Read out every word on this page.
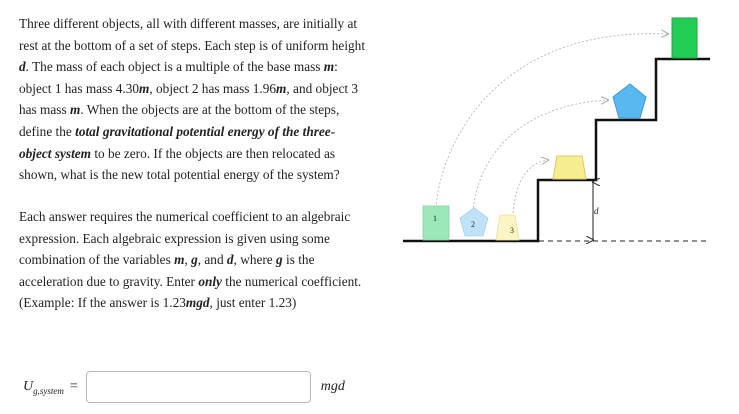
Three different objects, all with different masses, are initially at rest at the bottom of a set of steps. Each step is of uniform height d. The mass of each object is a multiple of the base mass m: object 1 has mass 4.30m, object 2 has mass 1.96m, and object 3 has mass m. When the objects are at the bottom of the steps, define the total gravitational potential energy of the three-object system to be zero. If the objects are then relocated as shown, what is the new total potential energy of the system?

Each answer requires the numerical coefficient to an algebraic expression. Each algebraic expression is given using some combination of the variables m, g, and d, where g is the acceleration due to gravity. Enter only the numerical coefficient. (Example: If the answer is 1.23mgd, just enter 1.23)

$U_{g,system}$ =	mgd
d
1
2
3
